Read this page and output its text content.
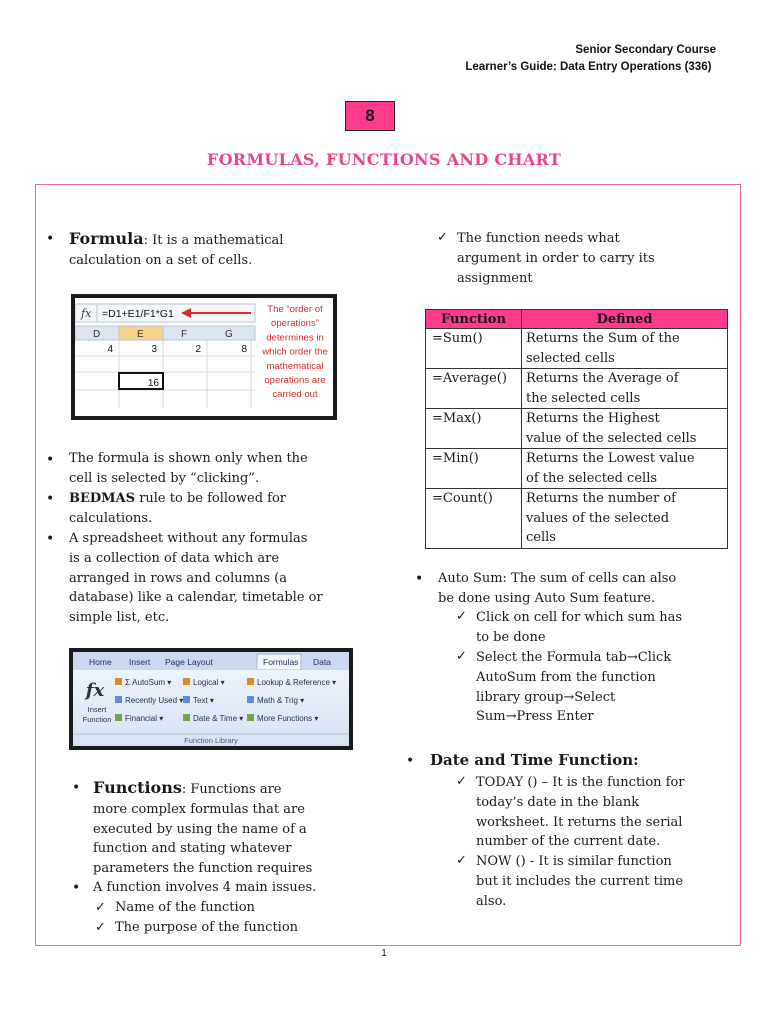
Senior Secondary Course
Learner’s Guide: Data Entry Operations (336)
8
FORMULAS, FUNCTIONS AND CHART
• Formula: It is a mathematical
calculation on a set of cells.
fx =D1+E1/F1*G1
D	E	F	G
4	3	2	8
16
The “order of
operations”
determines in
which order the
mathematical
operations are
carried out
• The formula is shown only when the
cell is selected by “clicking”.
• BEDMAS rule to be followed for
calculations.
• A spreadsheet without any formulas
is a collection of data which are
arranged in rows and columns (a
database) like a calendar, timetable or
simple list, etc.
Home Insert Page Layout	Formulas Data
fx
Insert
Function
Σ AutoSum ▾
Recently Used ▾
Financial ▾
Logical ▾
Text ▾
Date & Time ▾
Lookup & Reference ▾
Math & Trig ▾
More Functions ▾
Function Library
• Functions: Functions are
more complex formulas that are
executed by using the name of a
function and stating whatever
parameters the function requires
• A function involves 4 main issues.
✓ Name of the function
✓ The purpose of the function
✓ The function needs what
argument in order to carry its
assignment
Function	Defined
=Sum()	Returns the Sum of the
selected cells
=Average()	Returns the Average of
the selected cells
=Max()	Returns the Highest
value of the selected cells
=Min()	Returns the Lowest value
of the selected cells
=Count()	Returns the number of
values of the selected
cells
• Auto Sum: The sum of cells can also
be done using Auto Sum feature.
✓ Click on cell for which sum has
to be done
✓ Select the Formula tab→Click
AutoSum from the function
library group→Select
Sum→Press Enter
• Date and Time Function:
✓ TODAY () – It is the function for
today’s date in the blank
worksheet. It returns the serial
number of the current date.
✓ NOW () - It is similar function
but it includes the current time
also.
1
